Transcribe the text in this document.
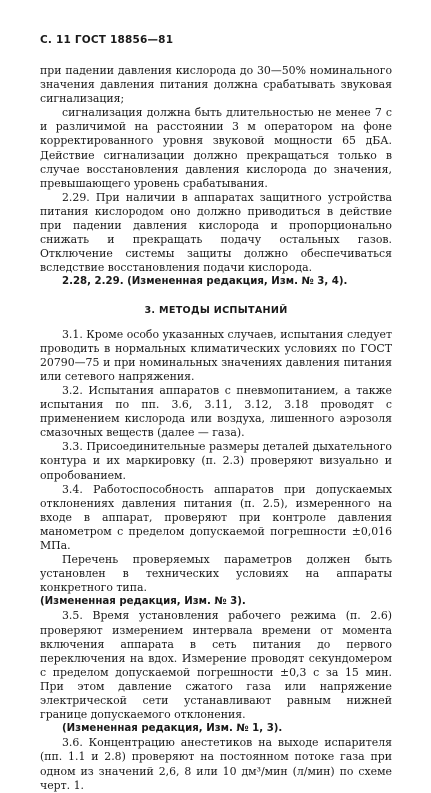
С. 11 ГОСТ 18856—81

при падении давления кислорода до 30—50% номинального значения давления питания должна срабатывать звуковая сигнализация;

сигнализация должна быть длительностью не менее 7 с и различимой на расстоянии 3 м оператором на фоне корректированного уровня звуковой мощности 65 дБА. Действие сигнализации должно прекращаться только в случае восстановления давления кислорода до значения, превышающего уровень срабатывания.

2.29. При наличии в аппаратах защитного устройства питания кислородом оно должно приводиться в действие при падении давления кислорода и пропорционально снижать и прекращать подачу остальных газов. Отключение системы защиты должно обеспечиваться вследствие восстановления подачи кислорода.

2.28, 2.29. (Измененная редакция, Изм. № 3, 4).

3. МЕТОДЫ ИСПЫТАНИЙ

3.1. Кроме особо указанных случаев, испытания следует проводить в нормальных климатических условиях по ГОСТ 20790—75 и при номинальных значениях давления питания или сетевого напряжения.

3.2. Испытания аппаратов с пневмопитанием, а также испытания по пп. 3.6, 3.11, 3.12, 3.18 проводят с применением кислорода или воздуха, лишенного аэрозоля смазочных веществ (далее — газа).

3.3. Присоединительные размеры деталей дыхательного контура и их маркировку (п. 2.3) проверяют визуально и опробованием.

3.4. Работоспособность аппаратов при допускаемых отклонениях давления питания (п. 2.5), измеренного на входе в аппарат, проверяют при контроле давления манометром с пределом допускаемой погрешности ±0,016 МПа.

Перечень проверяемых параметров должен быть установлен в технических условиях на аппараты конкретного типа.

(Измененная редакция, Изм. № 3).

3.5. Время установления рабочего режима (п. 2.6) проверяют измерением интервала времени от момента включения аппарата в сеть питания до первого переключения на вдох. Измерение проводят секундомером с пределом допускаемой погрешности ±0,3 с за 15 мин. При этом давление сжатого газа или напряжение электрической сети устанавливают равным нижней границе допускаемого отклонения.

(Измененная редакция, Изм. № 1, 3).

3.6. Концентрацию анестетиков на выходе испарителя (пп. 1.1 и 2.8) проверяют на постоянном потоке газа при одном из значений 2,6, 8 или 10 дм³/мин (л/мин) по схеме черт. 1.
